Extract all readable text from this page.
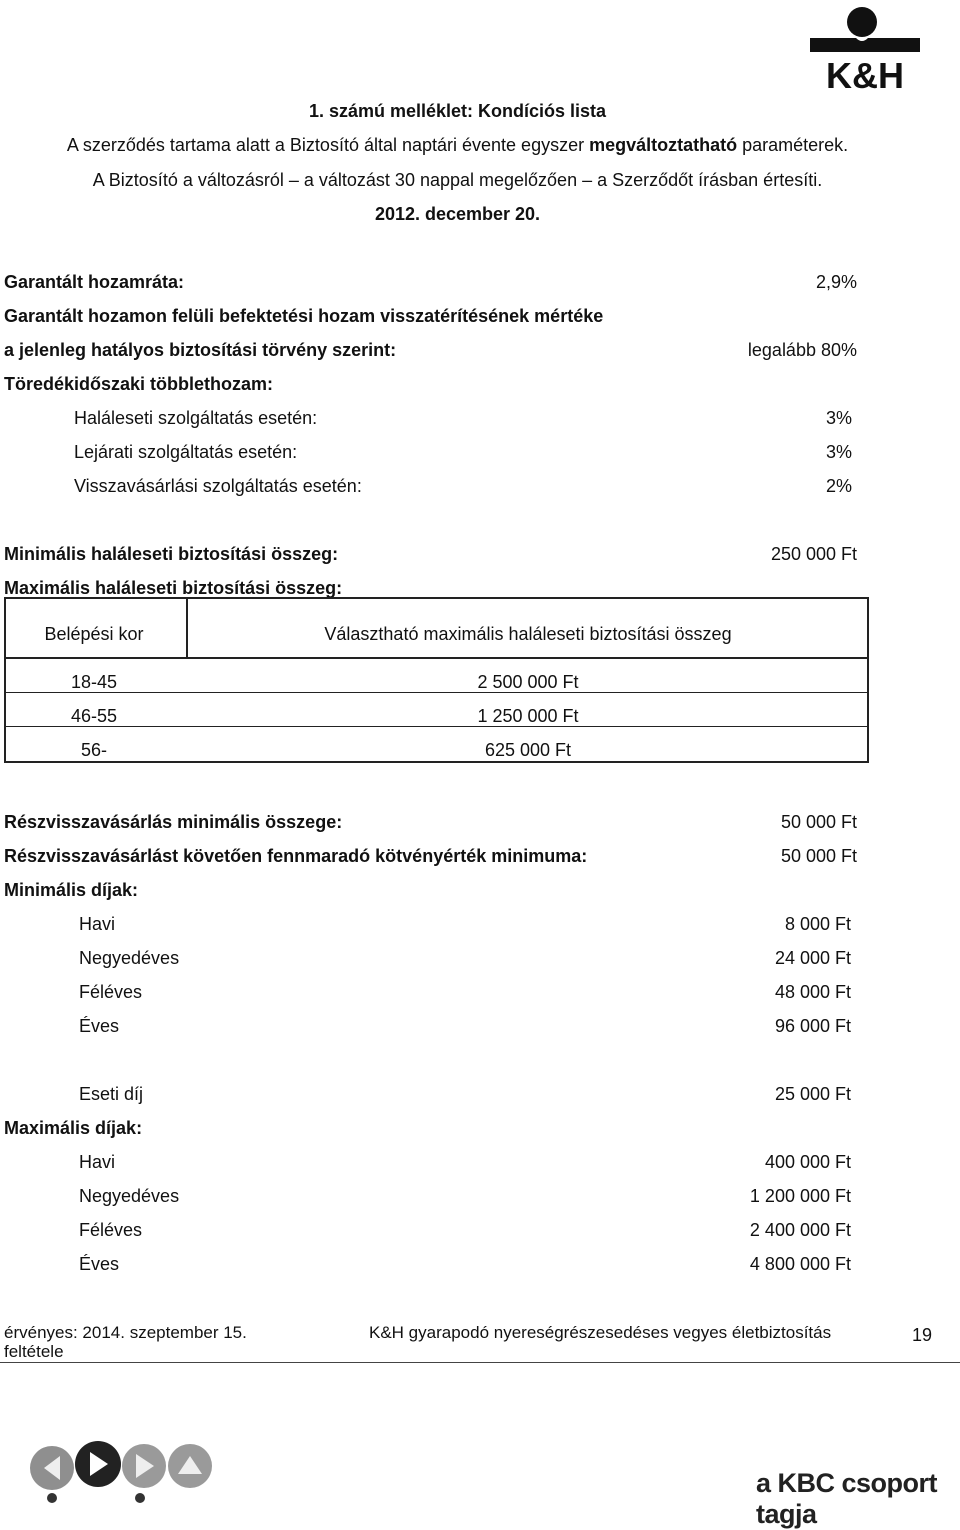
K&H
1. számú melléklet: Kondíciós lista
A szerződés tartama alatt a Biztosító által naptári évente egyszer megváltoztatható paraméterek.
A Biztosító a változásról – a változást 30 nappal megelőzően – a Szerződőt írásban értesíti.
2012. december 20.
Garantált hozamráta:	2,9%
Garantált hozamon felüli befektetési hozam visszatérítésének mértéke
a jelenleg hatályos biztosítási törvény szerint:	legalább 80%
Töredékidőszaki többlethozam:
Haláleseti szolgáltatás esetén:	3%
Lejárati szolgáltatás esetén:	3%
Visszavásárlási szolgáltatás esetén:	2%
Minimális haláleseti biztosítási összeg:	250 000 Ft
Maximális haláleseti biztosítási összeg:
Belépési kor	Választható maximális haláleseti biztosítási összeg
18-45	2 500 000 Ft
46-55	1 250 000 Ft
56-	625 000 Ft
Részvisszavásárlás minimális összege:	50 000 Ft
Részvisszavásárlást követően fennmaradó kötvényérték minimuma:	50 000 Ft
Minimális díjak:
Havi	8 000 Ft
Negyedéves	24 000 Ft
Féléves	48 000 Ft
Éves	96 000 Ft
Eseti díj	25 000 Ft
Maximális díjak:
Havi	400 000 Ft
Negyedéves	1 200 000 Ft
Féléves	2 400 000 Ft
Éves	4 800 000 Ft
érvényes: 2014. szeptember 15.	K&H gyarapodó nyereségrészesedéses vegyes életbiztosítás
feltétele
19
a KBC csoport tagja
